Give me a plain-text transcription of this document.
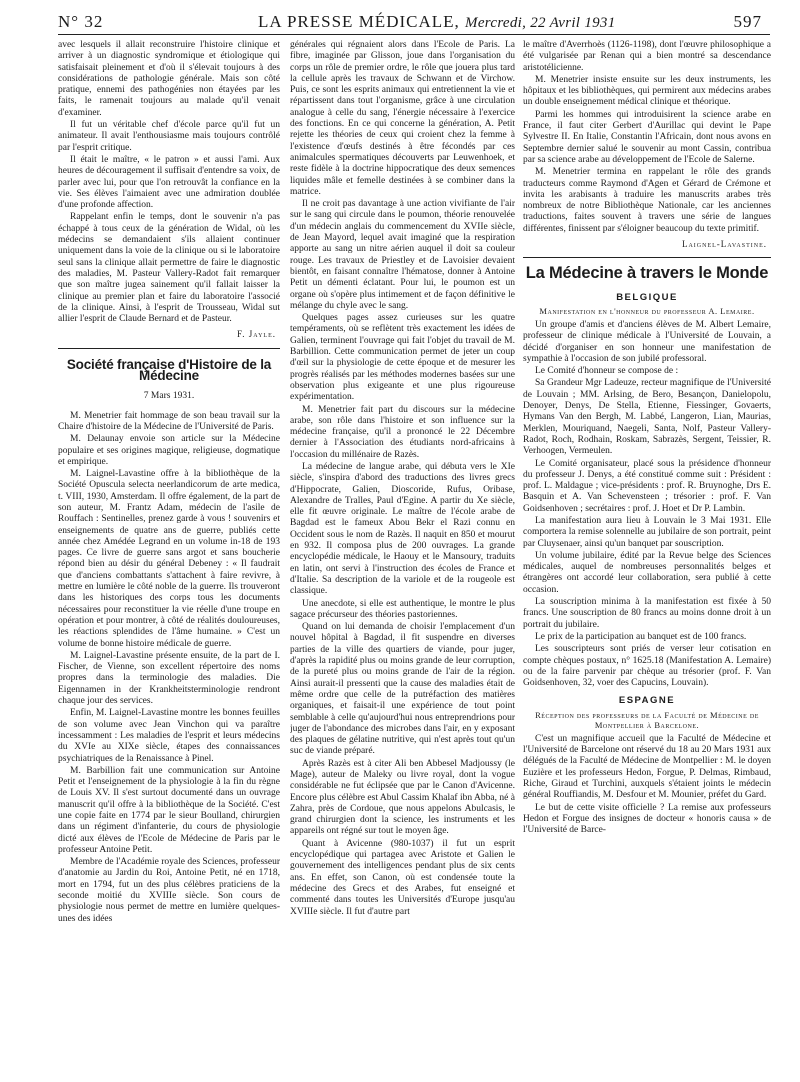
N° 32	LA PRESSE MÉDICALE, Mercredi, 22 Avril 1931	597

avec lesquels il allait reconstruire l'histoire clinique et arriver à un diagnostic syndromique et étiologique qui satisfaisait pleinement et d'où il s'élevait toujours à des considérations de pathologie générale. Mais son côté pratique, ennemi des pathogénies non étayées par les faits, le ramenait toujours au malade qu'il venait d'examiner.

Il fut un véritable chef d'école parce qu'il fut un animateur. Il avait l'enthousiasme mais toujours contrôlé par l'esprit critique.

Il était le maître, « le patron » et aussi l'ami. Aux heures de découragement il suffisait d'entendre sa voix, de parler avec lui, pour que l'on retrouvât la confiance en la vie. Ses élèves l'aimaient avec une admiration doublée d'une profonde affection.

Rappelant enfin le temps, dont le souvenir n'a pas échappé à tous ceux de la génération de Widal, où les médecins se demandaient s'ils allaient continuer uniquement dans la voie de la clinique ou si le laboratoire seul sans la clinique allait permettre de faire le diagnostic des maladies, M. Pasteur Vallery-Radot fait remarquer que son maître jugea sainement qu'il fallait laisser la clinique au premier plan et faire du laboratoire l'associé de la clinique. Ainsi, à l'esprit de Trousseau, Widal sut allier l'esprit de Claude Bernard et de Pasteur.

F. Jayle.
Société française d'Histoire de la Médecine
7 Mars 1931.

M. Menetrier fait hommage de son beau travail sur la Chaire d'histoire de la Médecine de l'Université de Paris.

M. Delaunay envoie son article sur la Médecine populaire et ses origines magique, religieuse, dogmatique et empirique.

M. Laignel-Lavastine offre à la bibliothèque de la Société Opuscula selecta neerlandicorum de arte medica, t. VIII, 1930, Amsterdam. Il offre également, de la part de son auteur, M. Frantz Adam, médecin de l'asile de Rouffach : Sentinelles, prenez garde à vous ! souvenirs et enseignements de quatre ans de guerre, publiés cette année chez Amédée Legrand en un volume in-18 de 193 pages. Ce livre de guerre sans argot et sans boucherie répond bien au désir du général Debeney : « Il faudrait que d'anciens combattants s'attachent à faire revivre, à mettre en lumière le côté noble de la guerre. Ils trouveront dans les historiques des corps tous les documents nécessaires pour reconstituer la vie réelle d'une troupe en opération et pour montrer, à côté de réalités douloureuses, les réactions splendides de l'âme humaine. » C'est un volume de bonne histoire médicale de guerre.

M. Laignel-Lavastine présente ensuite, de la part de I. Fischer, de Vienne, son excellent répertoire des noms propres dans la terminologie des maladies. Die Eigennamen in der Krankheitsterminologie rendront chaque jour des services.

Enfin, M. Laignel-Lavastine montre les bonnes feuilles de son volume avec Jean Vinchon qui va paraître incessamment : Les maladies de l'esprit et leurs médecins du XVIe au XIXe siècle, étapes des connaissances psychiatriques de la Renaissance à Pinel.

M. Barbillion fait une communication sur Antoine Petit et l'enseignement de la physiologie à la fin du règne de Louis XV. Il s'est surtout documenté dans un ouvrage manuscrit qu'il offre à la bibliothèque de la Société. C'est une copie faite en 1774 par le sieur Boulland, chirurgien dans un régiment d'infanterie, du cours de physiologie dicté aux élèves de l'Ecole de Médecine de Paris par le professeur Antoine Petit.

Membre de l'Académie royale des Sciences, professeur d'anatomie au Jardin du Roi, Antoine Petit, né en 1718, mort en 1794, fut un des plus célèbres praticiens de la seconde moitié du XVIIIe siècle. Son cours de physiologie nous permet de mettre en lumière quelques-unes des idées

générales qui régnaient alors dans l'Ecole de Paris. La fibre, imaginée par Glisson, joue dans l'organisation du corps un rôle de premier ordre, le rôle que jouera plus tard la cellule après les travaux de Schwann et de Virchow. Puis, ce sont les esprits animaux qui entretiennent la vie et répartissent dans tout l'organisme, grâce à une circulation analogue à celle du sang, l'énergie nécessaire à l'exercice des fonctions. En ce qui concerne la génération, A. Petit rejette les théories de ceux qui croient chez la femme à l'existence d'œufs destinés à être fécondés par ces animalcules spermatiques découverts par Leuwenhoek, et reste fidèle à la doctrine hippocratique des deux semences liquides mâle et femelle destinées à se combiner dans la matrice.

Il ne croit pas davantage à une action vivifiante de l'air sur le sang qui circule dans le poumon, théorie renouvelée d'un médecin anglais du commencement du XVIIe siècle, de Jean Mayord, lequel avait imaginé que la respiration apporte au sang un nitre aérien auquel il doit sa couleur rouge. Les travaux de Priestley et de Lavoisier devaient bientôt, en faisant connaître l'hématose, donner à Antoine Petit un démenti éclatant. Pour lui, le poumon est un organe où s'opère plus intimement et de façon définitive le mélange du chyle avec le sang.

Quelques pages assez curieuses sur les quatre tempéraments, où se reflètent très exactement les idées de Galien, terminent l'ouvrage qui fait l'objet du travail de M. Barbillion. Cette communication permet de jeter un coup d'œil sur la physiologie de cette époque et de mesurer les progrès réalisés par les méthodes modernes basées sur une observation plus exigeante et une plus rigoureuse expérimentation.

M. Menetrier fait part du discours sur la médecine arabe, son rôle dans l'histoire et son influence sur la médecine française, qu'il a prononcé le 22 Décembre dernier à l'Association des étudiants nord-africains à l'occasion du millénaire de Razès.

La médecine de langue arabe, qui débuta vers le XIe siècle, s'inspira d'abord des traductions des livres grecs d'Hippocrate, Galien, Dioscoride, Rufus, Oribase, Alexandre de Tralles, Paul d'Egine. A partir du Xe siècle, elle fit œuvre originale. Le maître de l'école arabe de Bagdad est le fameux Abou Bekr el Razi connu en Occident sous le nom de Razès. Il naquit en 850 et mourut en 932. Il composa plus de 200 ouvrages. La grande encyclopédie médicale, le Haouy et le Mansoury, traduits en latin, ont servi à l'instruction des écoles de France et d'Italie. Sa description de la variole et de la rougeole est classique.

Une anecdote, si elle est authentique, le montre le plus sagace précurseur des théories pastoriennes.

Quand on lui demanda de choisir l'emplacement d'un nouvel hôpital à Bagdad, il fit suspendre en diverses parties de la ville des quartiers de viande, pour juger, d'après la rapidité plus ou moins grande de leur corruption, de la pureté plus ou moins grande de l'air de la région. Ainsi aurait-il pressenti que la cause des maladies était de même ordre que celle de la putréfaction des matières organiques, et faisait-il une expérience de tout point semblable à celle qu'aujourd'hui nous entreprendrions pour juger de l'abondance des microbes dans l'air, en y exposant des plaques de gélatine nutritive, qui n'est après tout qu'un suc de viande préparé.

Après Razès est à citer Ali ben Abbesel Madjoussy (le Mage), auteur de Maleky ou livre royal, dont la vogue considérable ne fut éclipsée que par le Canon d'Avicenne. Encore plus célèbre est Abul Cassim Khalaf ibn Abba, né à Zahra, près de Cordoue, que nous appelons Abulcasis, le grand chirurgien dont la science, les instruments et les appareils ont régné sur tout le moyen âge.

Quant à Avicenne (980-1037) il fut un esprit encyclopédique qui partagea avec Aristote et Galien le gouvernement des intelligences pendant plus de six cents ans. En effet, son Canon, où est condensée toute la médecine des Grecs et des Arabes, fut enseigné et commenté dans toutes les Universités d'Europe jusqu'au XVIIIe siècle. Il fut d'autre part

le maître d'Averrhoès (1126-1198), dont l'œuvre philosophique a été vulgarisée par Renan qui a bien montré sa descendance aristotélicienne.

M. Menetrier insiste ensuite sur les deux instruments, les hôpitaux et les bibliothèques, qui permirent aux médecins arabes un double enseignement médical clinique et théorique.

Parmi les hommes qui introduisirent la science arabe en France, il faut citer Gerbert d'Aurillac qui devint le Pape Sylvestre II. En Italie, Constantin l'Africain, dont nous avons en Septembre dernier salué le souvenir au mont Cassin, contribua par sa science arabe au développement de l'Ecole de Salerne.

M. Menetrier termina en rappelant le rôle des grands traducteurs comme Raymond d'Agen et Gérard de Crémone et invita les arabisants à traduire les manuscrits arabes très nombreux de notre Bibliothèque Nationale, car les anciennes traductions, faites souvent à travers une série de langues différentes, finissent par s'éloigner beaucoup du texte primitif.

Laignel-Lavastine.
La Médecine à travers le Monde
BELGIQUE
Manifestation en l'honneur du professeur A. Lemaire.

Un groupe d'amis et d'anciens élèves de M. Albert Lemaire, professeur de clinique médicale à l'Université de Louvain, a décidé d'organiser en son honneur une manifestation de sympathie à l'occasion de son jubilé professoral.

Le Comité d'honneur se compose de :

Sa Grandeur Mgr Ladeuze, recteur magnifique de l'Université de Louvain ; MM. Arlsing, de Bero, Besançon, Danielopolu, Denoyer, Denys, De Stella, Etienne, Fiessinger, Govaerts, Hymans Van den Bergh, M. Labbé, Langeron, Lian, Maurias, Merklen, Mouriquand, Naegeli, Santa, Nolf, Pasteur Vallery-Radot, Roch, Rodhain, Roskam, Sabrazès, Sergent, Teissier, R. Verhoogen, Vermeulen.

Le Comité organisateur, placé sous la présidence d'honneur du professeur J. Denys, a été constitué comme suit : Président : prof. L. Maldague ; vice-présidents : prof. R. Bruynoghe, Drs E. Basquin et A. Van Schevensteen ; trésorier : prof. F. Van Goidsenhoven ; secrétaires : prof. J. Hoet et Dr P. Lambin.

La manifestation aura lieu à Louvain le 3 Mai 1931. Elle comportera la remise solennelle au jubilaire de son portrait, peint par Cluysenaer, ainsi qu'un banquet par souscription.

Un volume jubilaire, édité par la Revue belge des Sciences médicales, auquel de nombreuses personnalités belges et étrangères ont accordé leur collaboration, sera publié à cette occasion.

La souscription minima à la manifestation est fixée à 50 francs. Une souscription de 80 francs au moins donne droit à un portrait du jubilaire.

Le prix de la participation au banquet est de 100 francs.

Les souscripteurs sont priés de verser leur cotisation en compte chèques postaux, n° 1625.18 (Manifestation A. Lemaire) ou de la faire parvenir par chèque au trésorier (prof. F. Van Goidsenhoven, 32, voer des Capucins, Louvain).

ESPAGNE
Réception des professeurs de la Faculté de Médecine de Montpellier à Barcelone.

C'est un magnifique accueil que la Faculté de Médecine et l'Université de Barcelone ont réservé du 18 au 20 Mars 1931 aux délégués de la Faculté de Médecine de Montpellier : M. le doyen Euzière et les professeurs Hedon, Forgue, P. Delmas, Rimbaud, Riche, Giraud et Turchini, auxquels s'étaient joints le médecin général Rouffiandis, M. Desfour et M. Mounier, préfet du Gard.

Le but de cette visite officielle ? La remise aux professeurs Hedon et Forgue des insignes de docteur « honoris causa » de l'Université de Barce-
